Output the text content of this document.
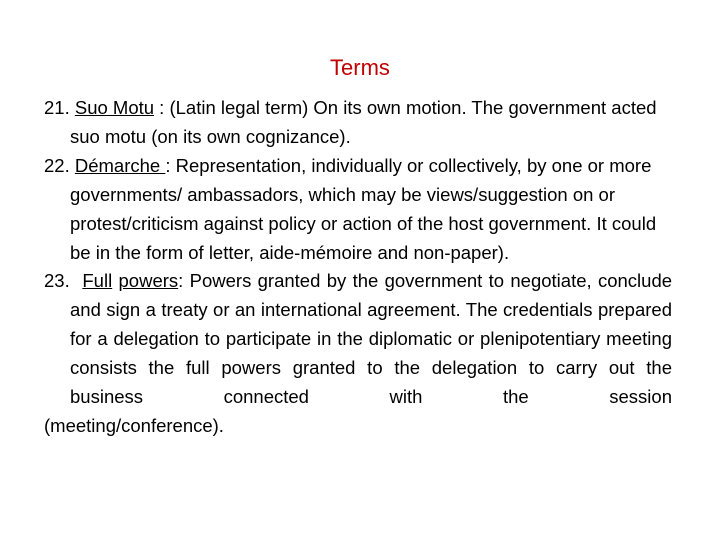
Terms
21. Suo Motu : (Latin legal term) On its own motion. The government acted suo motu (on its own cognizance).
22. Démarche : Representation, individually or collectively, by one or more governments/ ambassadors, which may be views/suggestion on or protest/criticism against policy or action of the host government. It could be in the form of letter, aide-mémoire and non-paper).
23. Full powers: Powers granted by the government to negotiate, conclude and sign a treaty or an international agreement. The credentials prepared for a delegation to participate in the diplomatic or plenipotentiary meeting consists the full powers granted to the delegation to carry out the business connected with the session
(meeting/conference).
